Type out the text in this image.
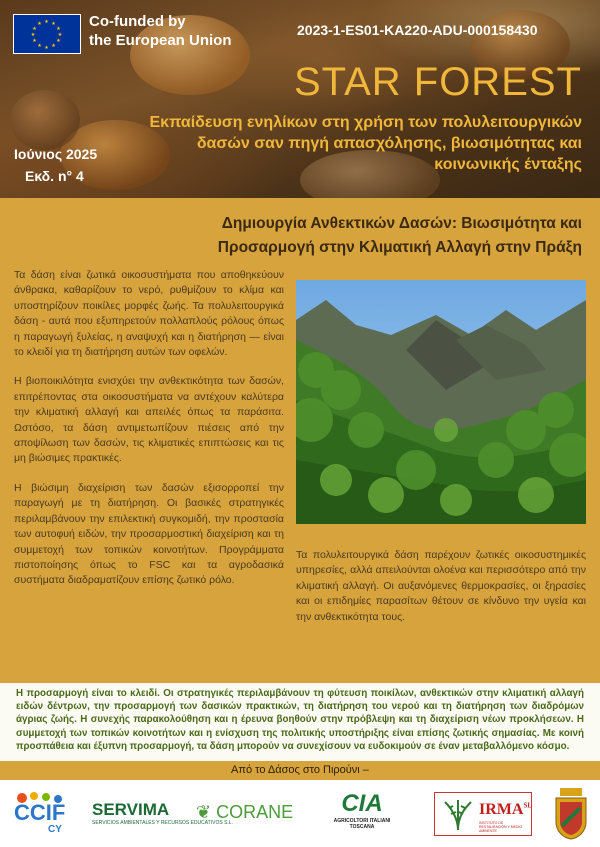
★ ★
★
★
★
★
★
★
★
★
★
★	Co-funded by
the European Union
2023-1-ES01-KA220-ADU-000158430
STAR FOREST
Εκπαίδευση ενηλίκων στη χρήση των πολυλειτουργικών δασών σαν πηγή απασχόλησης, βιωσιμότητας και κοινωνικής ένταξης
Ιούνιος 2025
Εκδ. n° 4
Δημιουργία Ανθεκτικών Δασών: Βιωσιμότητα και Προσαρμογή στην Κλιματική Αλλαγή στην Πράξη

Τα δάση είναι ζωτικά οικοσυστήματα που αποθηκεύουν άνθρακα, καθαρίζουν το νερό, ρυθμίζουν το κλίμα και υποστηρίζουν ποικίλες μορφές ζωής. Τα πολυλειτουργικά δάση - αυτά που εξυπηρετούν πολλαπλούς ρόλους όπως η παραγωγή ξυλείας, η αναψυχή και η διατήρηση — είναι το κλειδί για τη διατήρηση αυτών των οφελών.

Η βιοποικιλότητα ενισχύει την ανθεκτικότητα των δασών, επιτρέποντας στα οικοσυστήματα να αντέχουν καλύτερα την κλιματική αλλαγή και απειλές όπως τα παράσιτα. Ωστόσο, τα δάση αντιμετωπίζουν πιέσεις από την αποψίλωση των δασών, τις κλιματικές επιπτώσεις και τις μη βιώσιμες πρακτικές.

Η βιώσιμη διαχείριση των δασών εξισορροπεί την παραγωγή με τη διατήρηση. Οι βασικές στρατηγικές περιλαμβάνουν την επιλεκτική συγκομιδή, την προστασία των αυτοφυή ειδών, την προσαρμοστική διαχείριση και τη συμμετοχή των τοπικών κοινοτήτων. Προγράμματα πιστοποίησης όπως το FSC και τα αγροδασικά συστήματα διαδραματίζουν επίσης ζωτικό ρόλο.

Τα πολυλειτουργικά δάση παρέχουν ζωτικές οικοσυστημικές υπηρεσίες, αλλά απειλούνται ολοένα και περισσότερο από την κλιματική αλλαγή. Οι αυξανόμενες θερμοκρασίες, οι ξηρασίες και οι επιδημίες παρασίτων θέτουν σε κίνδυνο την υγεία και την ανθεκτικότητα τους.

Η προσαρμογή είναι το κλειδί. Οι στρατηγικές περιλαμβάνουν τη φύτευση ποικίλων, ανθεκτικών στην κλιματική αλλαγή ειδών δέντρων, την προσαρμογή των δασικών πρακτικών, τη διατήρηση του νερού και τη διατήρηση των διαδρόμων άγριας ζωής. Η συνεχής παρακολούθηση και η έρευνα βοηθούν στην πρόβλεψη και τη διαχείριση νέων προκλήσεων. Η συμμετοχή των τοπικών κοινοτήτων και η ενίσχυση της πολιτικής υποστήριξης είναι επίσης ζωτικής σημασίας. Με κοινή προσπάθεια και έξυπνη προσαρμογή, τα δάση μπορούν να συνεχίσουν να ευδοκιμούν σε έναν μεταβαλλόμενο κόσμο.

Από το Δάσος στο Πιρούνι –
CCIF
CY
SERVIMA
SERVICIOS AMBIENTALES Y RECURSOS EDUCATIVOS S.L.
❦ CORANE	CIA
AGRICOLTORI ITALIANI
TOSCANA
$IRMA^{SL}$
INSTITUTO DE RESTAURACIÓN Y MEDIO AMBIENTE
